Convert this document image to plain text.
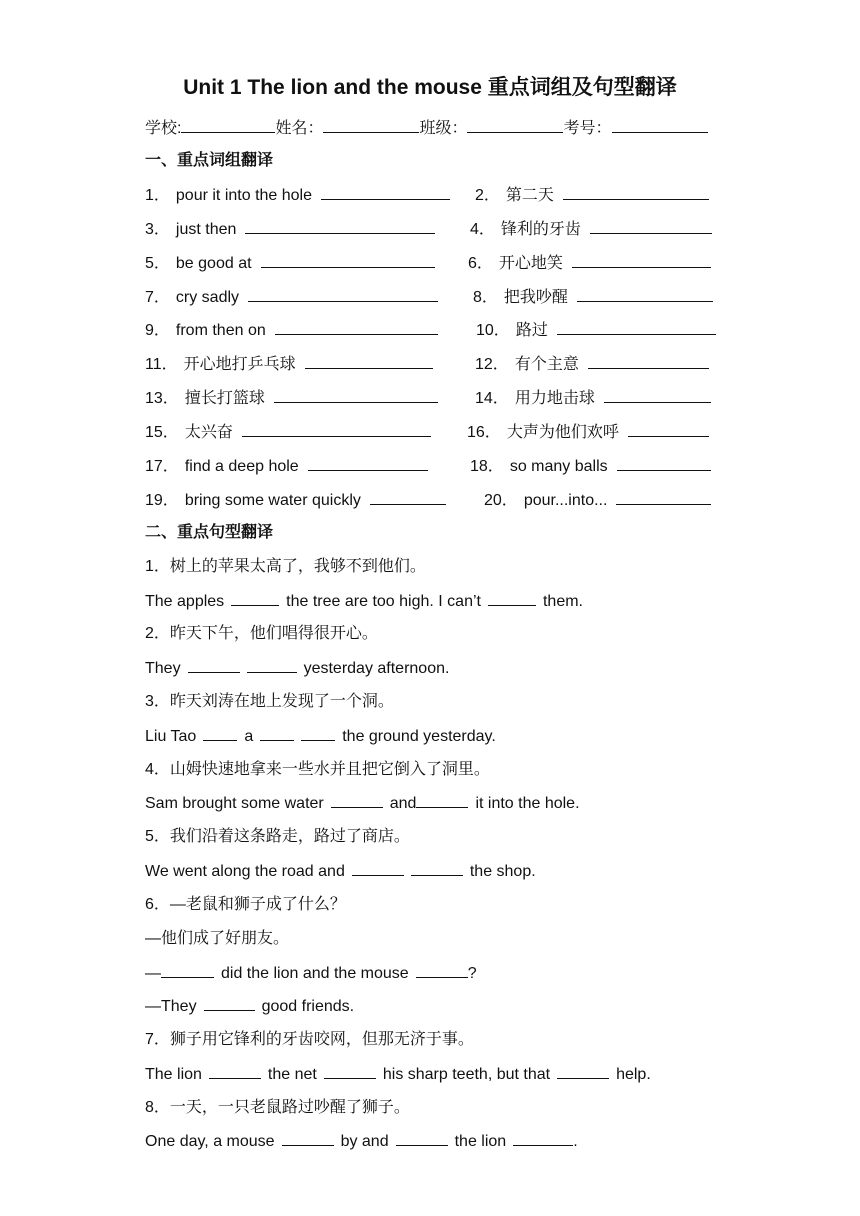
Unit 1 The lion and the mouse 重点词组及句型翻译
学校:	姓名：	班级：	考号：
一、重点词组翻译
1． pour it into the hole	2． 第二天
3． just then	4． 锋利的牙齿
5． be good at	6． 开心地笑
7． cry sadly	8． 把我吵醒
9． from then on	10． 路过
11． 开心地打乒乓球	12． 有个主意
13． 擅长打篮球	14． 用力地击球
15． 太兴奋	16． 大声为他们欢呼
17． find a deep hole	18． so many balls
19． bring some water quickly	20． pour...into...
二、重点句型翻译
1．树上的苹果太高了，我够不到他们。
The apples	the tree are too high. I can’t	them.
2．昨天下午，他们唱得很开心。
They	yesterday afternoon.
3．昨天刘涛在地上发现了一个洞。
Liu Tao	a	the ground yesterday.
4．山姆快速地拿来一些水并且把它倒入了洞里。
Sam brought some water	and	it into the hole.
5．我们沿着这条路走，路过了商店。
We went along the road and	the shop.
6．—老鼠和狮子成了什么？
—他们成了好朋友。
—	did the lion and the mouse	?
—They	good friends.
7．狮子用它锋利的牙齿咬网，但那无济于事。
The lion	the net	his sharp teeth, but that	help.
8．一天，一只老鼠路过吵醒了狮子。
One day, a mouse	by and	the lion	.
